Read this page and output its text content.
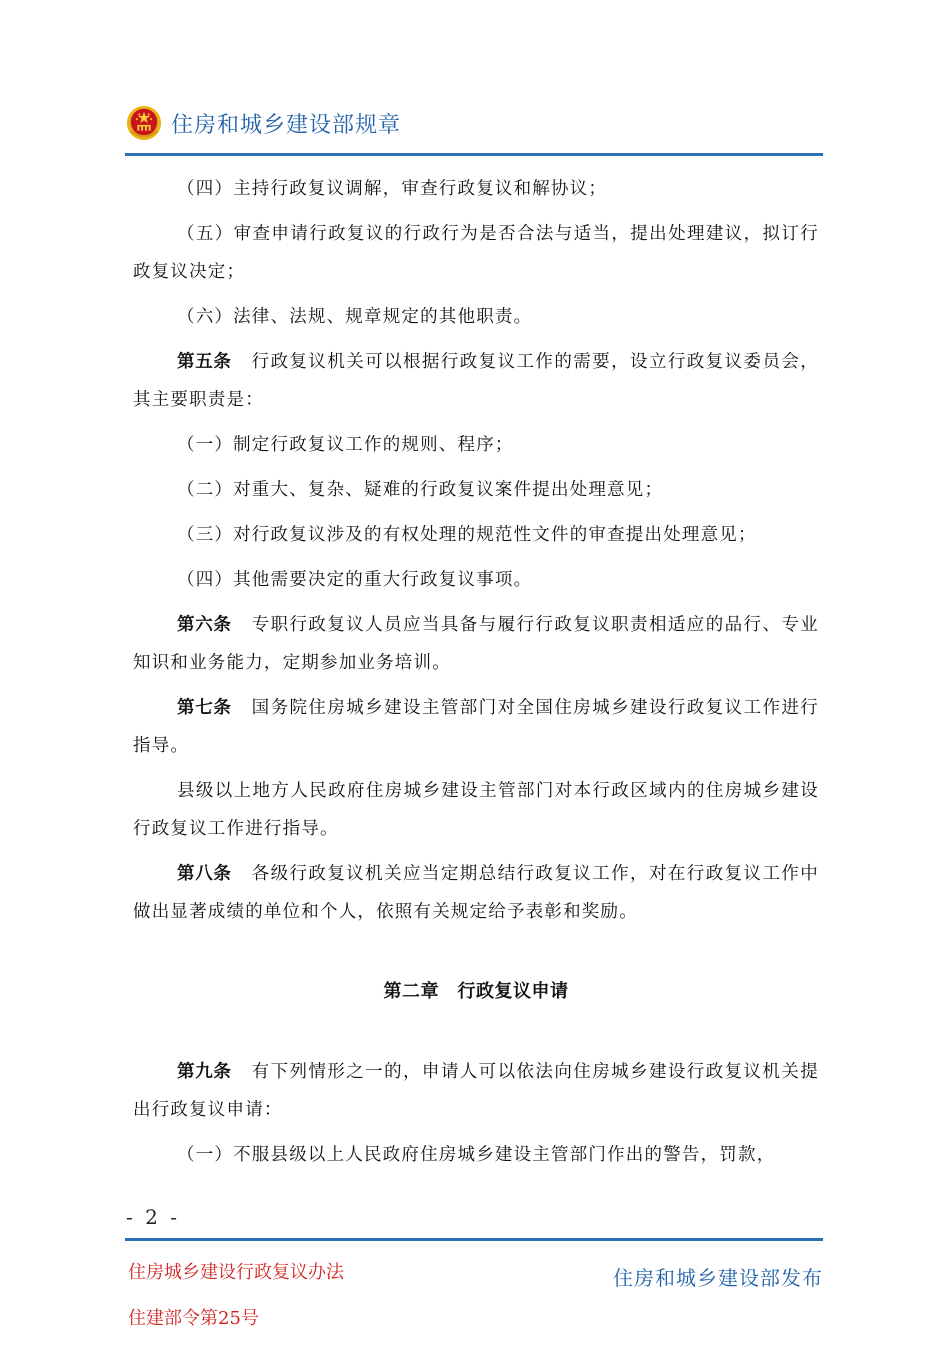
住房和城乡建设部规章

（四）主持行政复议调解，审查行政复议和解协议；

（五）审查申请行政复议的行政行为是否合法与适当，提出处理建议，拟订行政复议决定；

（六）法律、法规、规章规定的其他职责。

第五条 行政复议机关可以根据行政复议工作的需要，设立行政复议委员会，其主要职责是：

（一）制定行政复议工作的规则、程序；

（二）对重大、复杂、疑难的行政复议案件提出处理意见；

（三）对行政复议涉及的有权处理的规范性文件的审查提出处理意见；

（四）其他需要决定的重大行政复议事项。

第六条 专职行政复议人员应当具备与履行行政复议职责相适应的品行、专业知识和业务能力，定期参加业务培训。

第七条 国务院住房城乡建设主管部门对全国住房城乡建设行政复议工作进行指导。

县级以上地方人民政府住房城乡建设主管部门对本行政区域内的住房城乡建设行政复议工作进行指导。

第八条 各级行政复议机关应当定期总结行政复议工作，对在行政复议工作中做出显著成绩的单位和个人，依照有关规定给予表彰和奖励。

第二章　行政复议申请

第九条 有下列情形之一的，申请人可以依法向住房城乡建设行政复议机关提出行政复议申请：

（一）不服县级以上人民政府住房城乡建设主管部门作出的警告，罚款，

- 2 -
住房城乡建设行政复议办法
住建部令第25号
住房和城乡建设部发布
